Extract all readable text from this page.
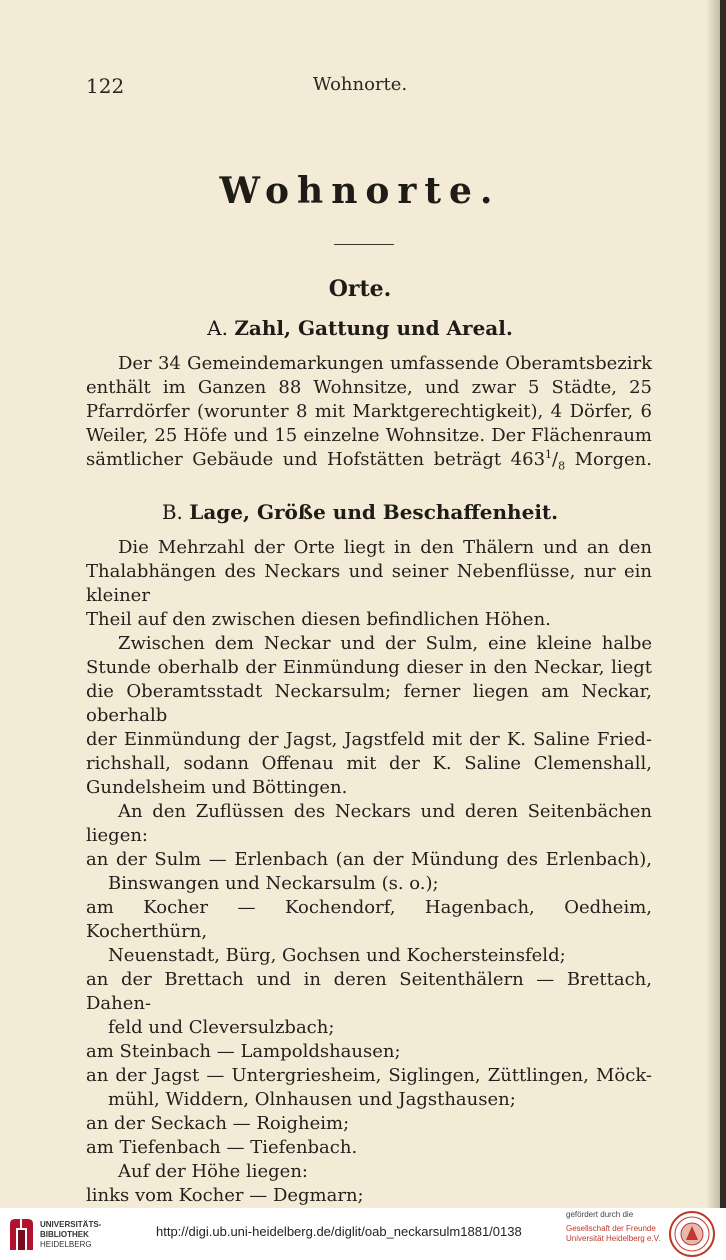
122	Wohnorte.
Wohnorte.
Orte.
A. Zahl, Gattung und Areal.
Der 34 Gemeindemarkungen umfassende Oberamtsbezirk
enthält im Ganzen 88 Wohnsitze, und zwar 5 Städte, 25
Pfarrdörfer (worunter 8 mit Marktgerechtigkeit), 4 Dörfer, 6
Weiler, 25 Höfe und 15 einzelne Wohnsitze. Der Flächenraum
sämtlicher Gebäude und Hofstätten beträgt $463^1/_8$ Morgen.
B. Lage, Größe und Beschaffenheit.
Die Mehrzahl der Orte liegt in den Thälern und an den
Thalabhängen des Neckars und seiner Nebenflüsse, nur ein kleiner
Theil auf den zwischen diesen befindlichen Höhen.
Zwischen dem Neckar und der Sulm, eine kleine halbe
Stunde oberhalb der Einmündung dieser in den Neckar, liegt
die Oberamtsstadt Neckarsulm; ferner liegen am Neckar, oberhalb
der Einmündung der Jagst, Jagstfeld mit der K. Saline Fried-
richshall, sodann Offenau mit der K. Saline Clemenshall,
Gundelsheim und Böttingen.
An den Zuflüssen des Neckars und deren Seitenbächen liegen:
an der Sulm — Erlenbach (an der Mündung des Erlenbach),
Binswangen und Neckarsulm (s. o.);
am Kocher — Kochendorf, Hagenbach, Oedheim, Kocherthürn,
Neuenstadt, Bürg, Gochsen und Kochersteinsfeld;
an der Brettach und in deren Seitenthälern — Brettach, Dahen-
feld und Cleversulzbach;
am Steinbach — Lampoldshausen;
an der Jagst — Untergriesheim, Siglingen, Züttlingen, Möck-
mühl, Widdern, Olnhausen und Jagsthausen;
an der Seckach — Roigheim;
am Tiefenbach — Tiefenbach.
Auf der Höhe liegen:
links vom Kocher — Degmarn;
UNIVERSITÄTS-
BIBLIOTHEK
HEIDELBERG
http://digi.ub.uni-heidelberg.de/diglit/oab_neckarsulm1881/0138
gefördert durch die
Gesellschaft der Freunde
Universität Heidelberg e.V.
